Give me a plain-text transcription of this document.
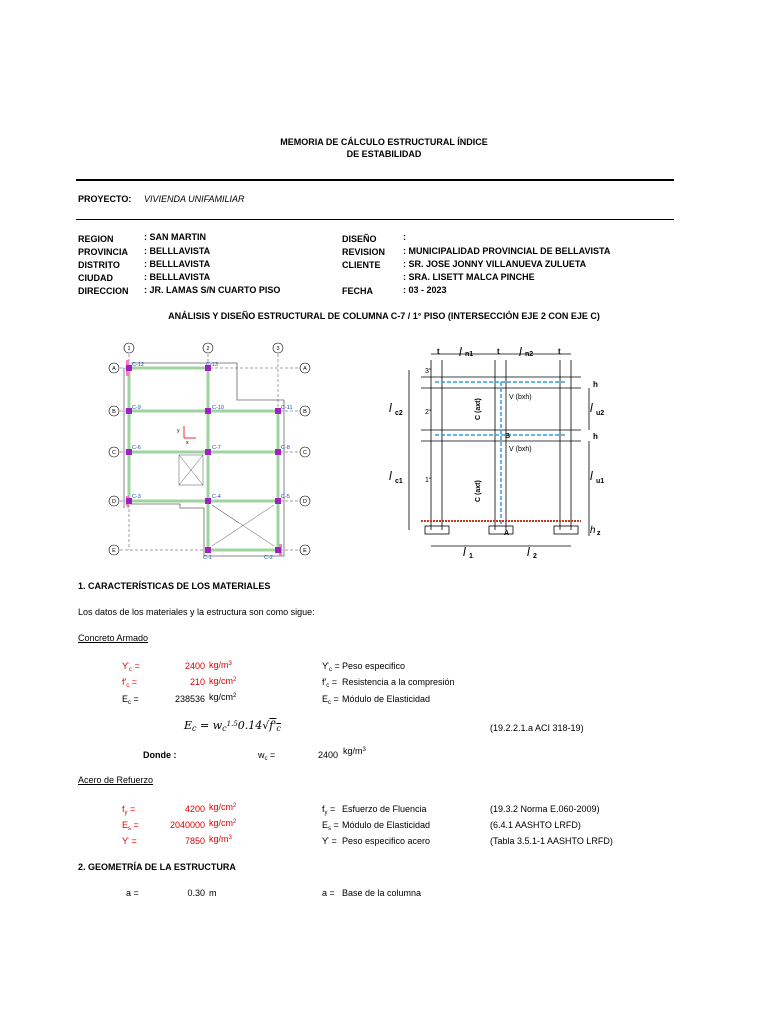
MEMORIA DE CÁLCULO ESTRUCTURAL ÍNDICE
DE ESTABILIDAD
PROYECTO: VIVIENDA UNIFAMILIAR
REGION	: SAN MARTIN
PROVINCIA : BELLLAVISTA
DISTRITO	: BELLLAVISTA
CIUDAD	: BELLLAVISTA
DIRECCION : JR. LAMAS S/N CUARTO PISO
DISEÑO	:
REVISION : MUNICIPALIDAD PROVINCIAL DE BELLAVISTA
CLIENTE : SR. JOSE JONNY VILLANUEVA ZULUETA
: SRA. LISETT MALCA PINCHE
FECHA	: 03 - 2023
ANÁLISIS Y DISEÑO ESTRUCTURAL DE COLUMNA C-7 / 1° PISO (INTERSECCIÓN EJE 2 CON EJE C)
y
x
1	2	3
A
B
C
D
E
A
B
C
D
E
C-12	C-13
C-9	C-10	C-11
C-6	C-7	C-8
C-3	C-4	C-5
C-1	C-2
t	t	t
h
h
l	l
l
l
l
l
l	l
h
n1	n2
c2
c1
u2
u1
1	2
z
3°
2°
1°
V (bxh)
V (bxh)
B
A
C (axt)
C (axt)
1. CARACTERÍSTICAS DE LOS MATERIALES
Los datos de los materiales y la estructura son como sigue:
Concreto Armado
$ϒ_c$ =	2400 $kg/m^3$	$ϒ_c$ = Peso especifico
$f'_c$ =	210 $kg/cm^2$	$f'_c$ = Resistencia a la compresión
$E_c$ =	238536 $kg/cm^2$	$E_c$ = Módulo de Elasticidad
$E_c = w_c^{1.5}0.14√f'_c$	(19.2.2.1.a ACI 318-19)
Donde :	$w_c$ =	2400 $kg/m^3$
Acero de Refuerzo
$f_y$ =	4200 $kg/cm^2$	$f_y$ = Esfuerzo de Fluencia	(19.3.2 Norma E.060-2009)
$E_s$ =	2040000 $kg/cm^2$	$E_s$ = Módulo de Elasticidad	(6.4.1 AASHTO LRFD)
ϒ =	7850 $kg/m^3$	ϒ = Peso especifico acero	(Tabla 3.5.1-1 AASHTO LRFD)
2. GEOMETRÍA DE LA ESTRUCTURA
a =	0.30 m	a = Base de la columna
